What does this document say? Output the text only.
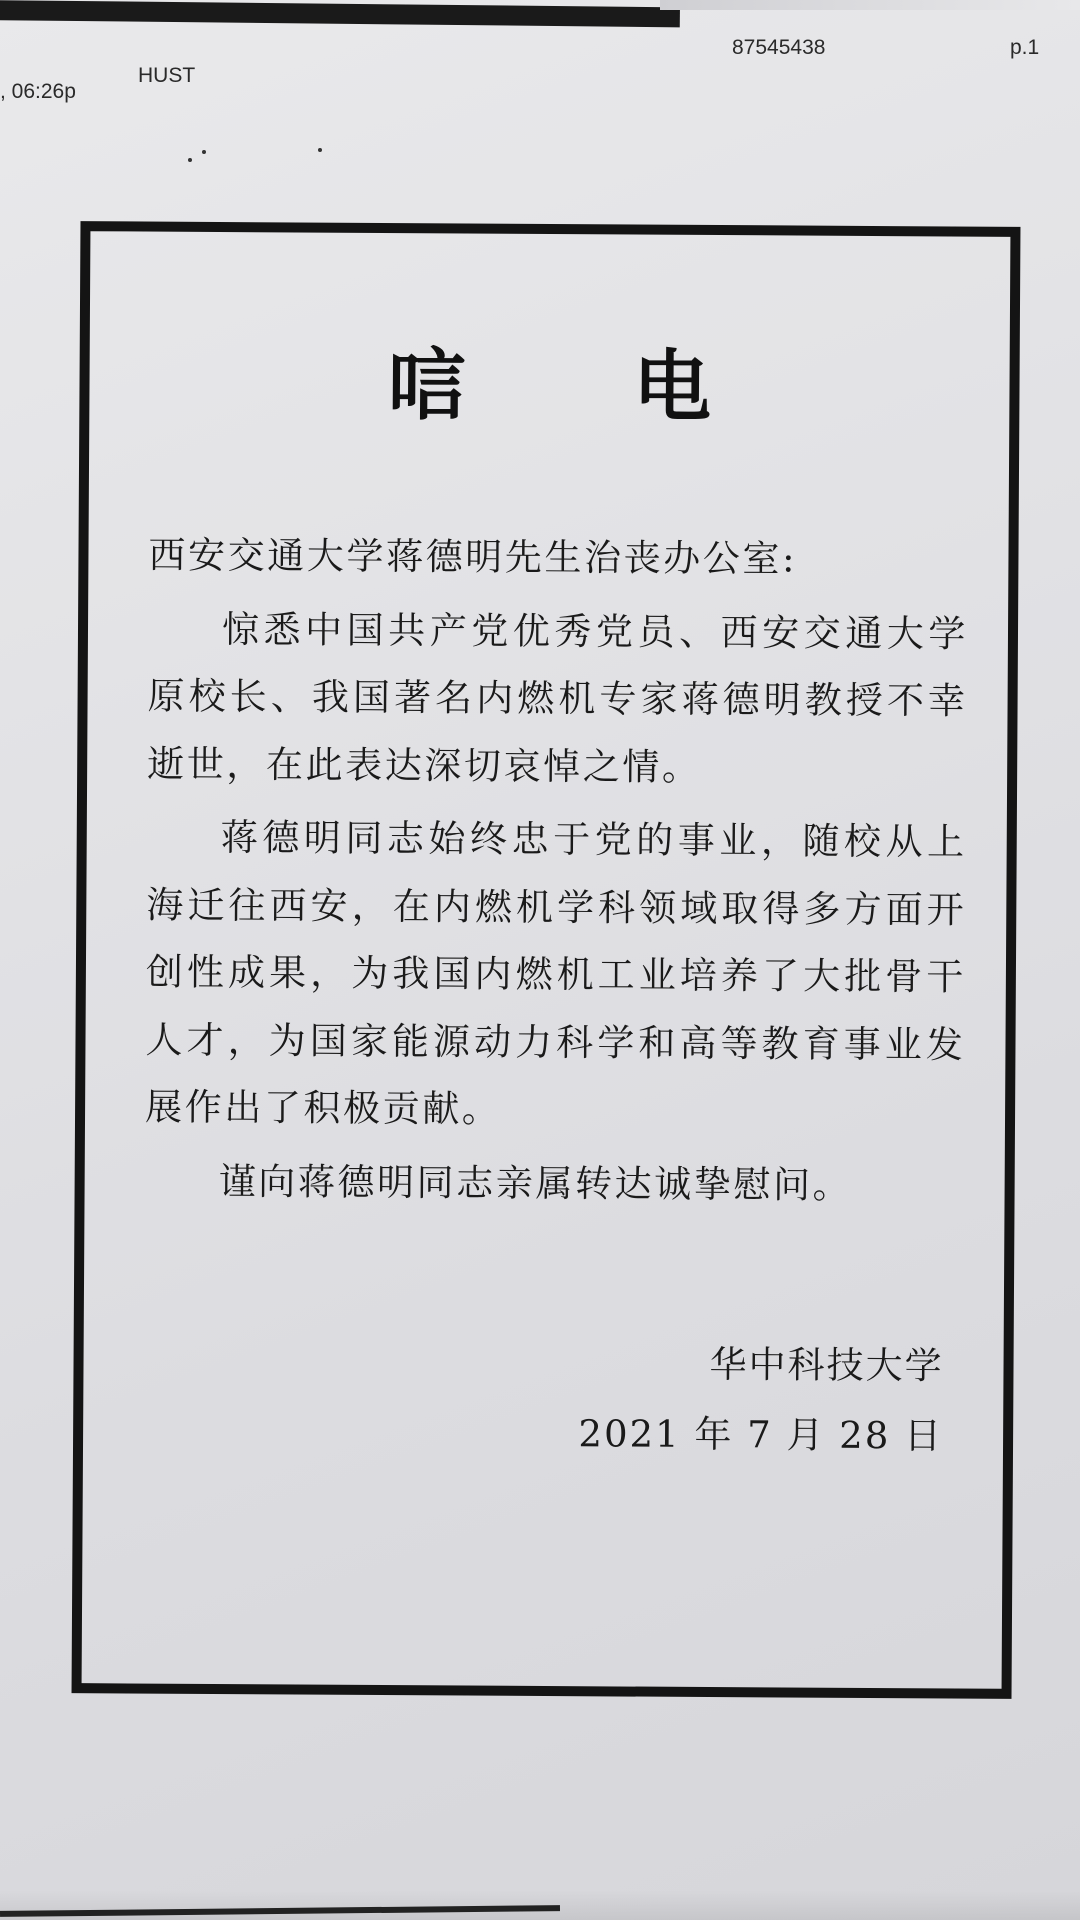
, 06:26p
HUST
87545438	p.1
唁 电

西安交通大学蒋德明先生治丧办公室:

惊悉中国共产党优秀党员、西安交通大学原校长、我国著名内燃机专家蒋德明教授不幸逝世，在此表达深切哀悼之情。

蒋德明同志始终忠于党的事业，随校从上海迁往西安，在内燃机学科领域取得多方面开创性成果，为我国内燃机工业培养了大批骨干人才，为国家能源动力科学和高等教育事业发展作出了积极贡献。

谨向蒋德明同志亲属转达诚挚慰问。

华中科技大学
2021 年 7 月 28 日
